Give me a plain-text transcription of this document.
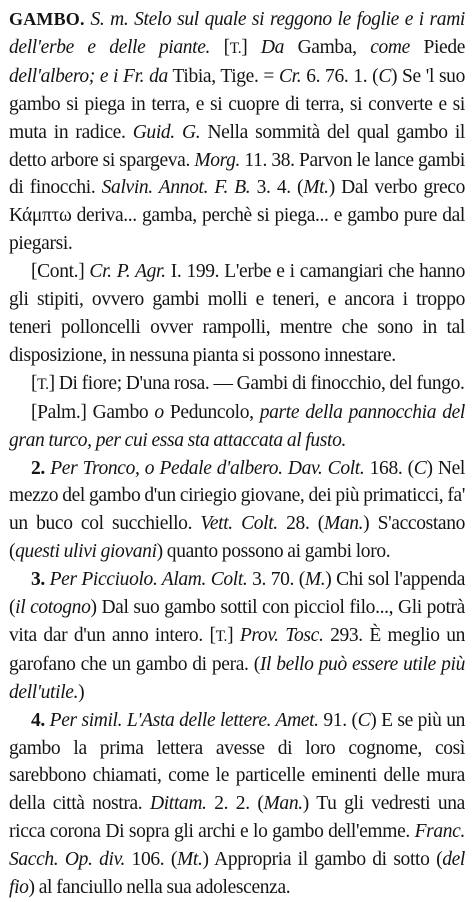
GAMBO. S. m. Stelo sul quale si reggono le foglie e i rami dell'erbe e delle piante. [T.] Da Gamba, come Piede dell'albero; e i Fr. da Tibia, Tige. = Cr. 6. 76. 1. (C) Se 'l suo gambo si piega in terra, e si cuopre di terra, si converte e si muta in radice. Guid. G. Nella sommità del qual gambo il detto arbore si spargeva. Morg. 11. 38. Parvon le lance gambi di finocchi. Salvin. Annot. F. B. 3. 4. (Mt.) Dal verbo greco Κάμπτω deriva... gamba, perchè si piega... e gambo pure dal piegarsi.

[Cont.] Cr. P. Agr. I. 199. L'erbe e i camangiari che hanno gli stipiti, ovvero gambi molli e teneri, e ancora i troppo teneri polloncelli ovver rampolli, mentre che sono in tal disposizione, in nessuna pianta si possono innestare.

[T.] Di fiore; D'una rosa. — Gambi di finocchio, del fungo.

[Palm.] Gambo o Peduncolo, parte della pannocchia del gran turco, per cui essa sta attaccata al fusto.

2. Per Tronco, o Pedale d'albero. Dav. Colt. 168. (C) Nel mezzo del gambo d'un ciriegio giovane, dei più primaticci, fa' un buco col succhiello. Vett. Colt. 28. (Man.) S'accostano (questi ulivi giovani) quanto possono ai gambi loro.

3. Per Picciuolo. Alam. Colt. 3. 70. (M.) Chi sol l'appenda (il cotogno) Dal suo gambo sottil con picciol filo..., Gli potrà vita dar d'un anno intero. [T.] Prov. Tosc. 293. È meglio un garofano che un gambo di pera. (Il bello può essere utile più dell'utile.)

4. Per simil. L'Asta delle lettere. Amet. 91. (C) E se più un gambo la prima lettera avesse di loro cognome, così sarebbono chiamati, come le particelle eminenti delle mura della città nostra. Dittam. 2. 2. (Man.) Tu gli vedresti una ricca corona Di sopra gli archi e lo gambo dell'emme. Franc. Sacch. Op. div. 106. (Mt.) Appropria il gambo di sotto (del fio) al fanciullo nella sua adolescenza.
